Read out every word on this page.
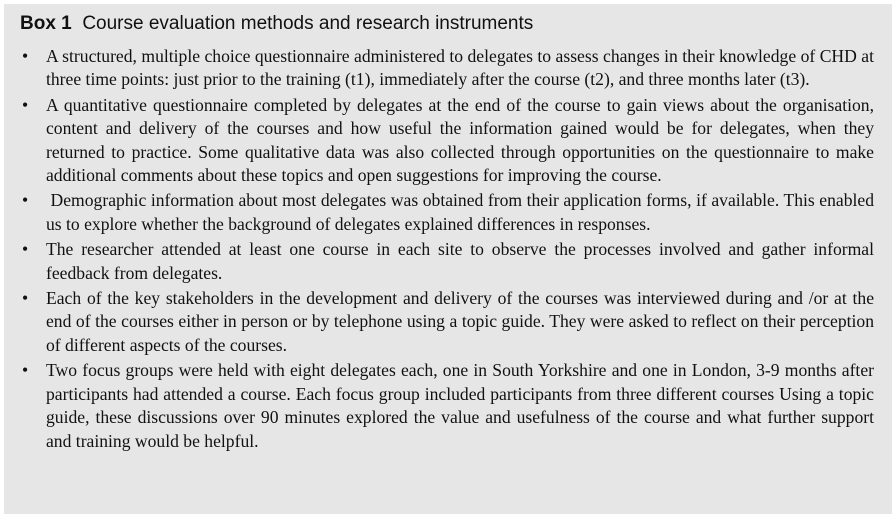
Box 1 Course evaluation methods and research instruments
• A structured, multiple choice questionnaire administered to delegates to assess changes in their knowledge of CHD at three time points: just prior to the training (t1), immediately after the course (t2), and three months later (t3).
• A quantitative questionnaire completed by delegates at the end of the course to gain views about the organisation, content and delivery of the courses and how useful the information gained would be for delegates, when they returned to practice. Some qualitative data was also collected through opportunities on the questionnaire to make additional comments about these topics and open suggestions for improving the course.
• Demographic information about most delegates was obtained from their application forms, if available. This enabled us to explore whether the background of delegates explained differences in responses.
• The researcher attended at least one course in each site to observe the processes involved and gather informal feedback from delegates.
• Each of the key stakeholders in the development and delivery of the courses was interviewed during and /or at the end of the courses either in person or by telephone using a topic guide. They were asked to reflect on their perception of different aspects of the courses.
• Two focus groups were held with eight delegates each, one in South Yorkshire and one in London, 3-9 months after participants had attended a course. Each focus group included participants from three different courses Using a topic guide, these discussions over 90 minutes explored the value and usefulness of the course and what further support and training would be helpful.
